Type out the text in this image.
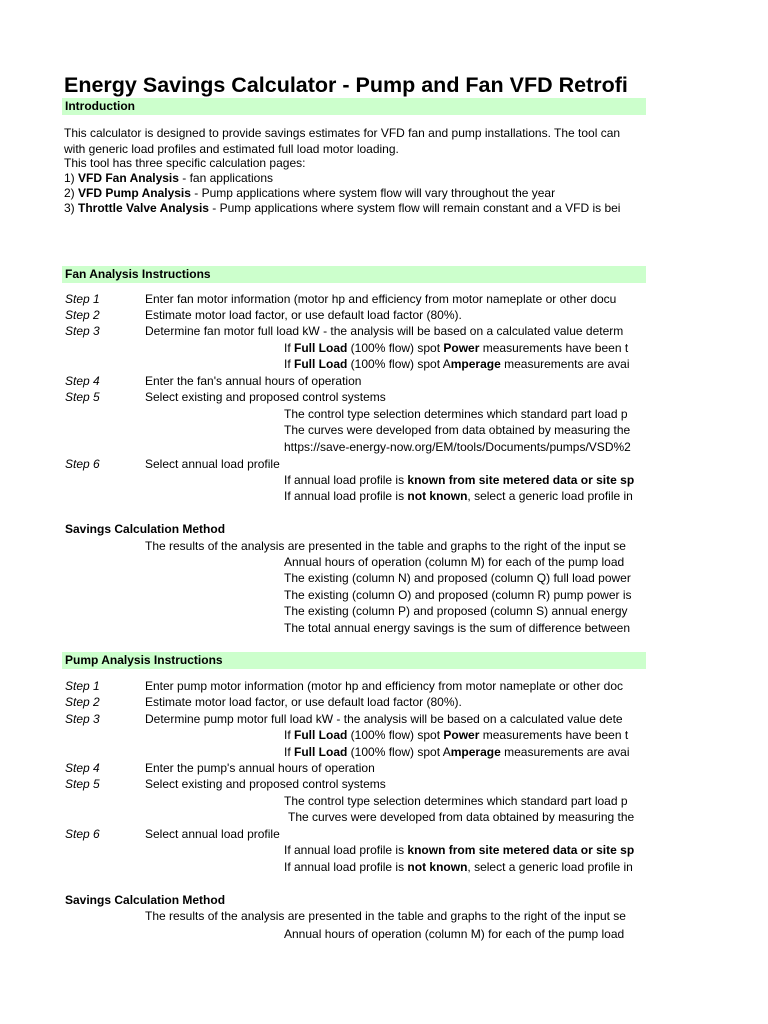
Energy Savings Calculator - Pump and Fan VFD Retrofi
Introduction
This calculator is designed to provide savings estimates for VFD fan and pump installations. The tool can
with generic load profiles and estimated full load motor loading.
This tool has three specific calculation pages:
1) VFD Fan Analysis - fan applications
2) VFD Pump Analysis - Pump applications where system flow will vary throughout the year
3) Throttle Valve Analysis - Pump applications where system flow will remain constant and a VFD is bei
Fan Analysis Instructions
Step 1	Enter fan motor information (motor hp and efficiency from motor nameplate or other docu
Step 2	Estimate motor load factor, or use default load factor (80%).
Step 3	Determine fan motor full load kW - the analysis will be based on a calculated value determ
If Full Load (100% flow) spot Power measurements have been t
If Full Load (100% flow) spot Amperage measurements are avai
Step 4	Enter the fan's annual hours of operation
Step 5	Select existing and proposed control systems
The control type selection determines which standard part load p
The curves were developed from data obtained by measuring the
https://save-energy-now.org/EM/tools/Documents/pumps/VSD%2
Step 6	Select annual load profile
If annual load profile is known from site metered data or site sp
If annual load profile is not known, select a generic load profile in
Savings Calculation Method
The results of the analysis are presented in the table and graphs to the right of the input se
Annual hours of operation (column M) for each of the pump load
The existing (column N) and proposed (column Q) full load power
The existing (column O) and proposed (column R) pump power is
The existing (column P) and proposed (column S) annual energy
The total annual energy savings is the sum of difference between
Pump Analysis Instructions
Step 1	Enter pump motor information (motor hp and efficiency from motor nameplate or other doc
Step 2	Estimate motor load factor, or use default load factor (80%).
Step 3	Determine pump motor full load kW - the analysis will be based on a calculated value dete
If Full Load (100% flow) spot Power measurements have been t
If Full Load (100% flow) spot Amperage measurements are avai
Step 4	Enter the pump's annual hours of operation
Step 5	Select existing and proposed control systems
The control type selection determines which standard part load p
The curves were developed from data obtained by measuring the
Step 6	Select annual load profile
If annual load profile is known from site metered data or site sp
If annual load profile is not known, select a generic load profile in
Savings Calculation Method
The results of the analysis are presented in the table and graphs to the right of the input se
Annual hours of operation (column M) for each of the pump load
